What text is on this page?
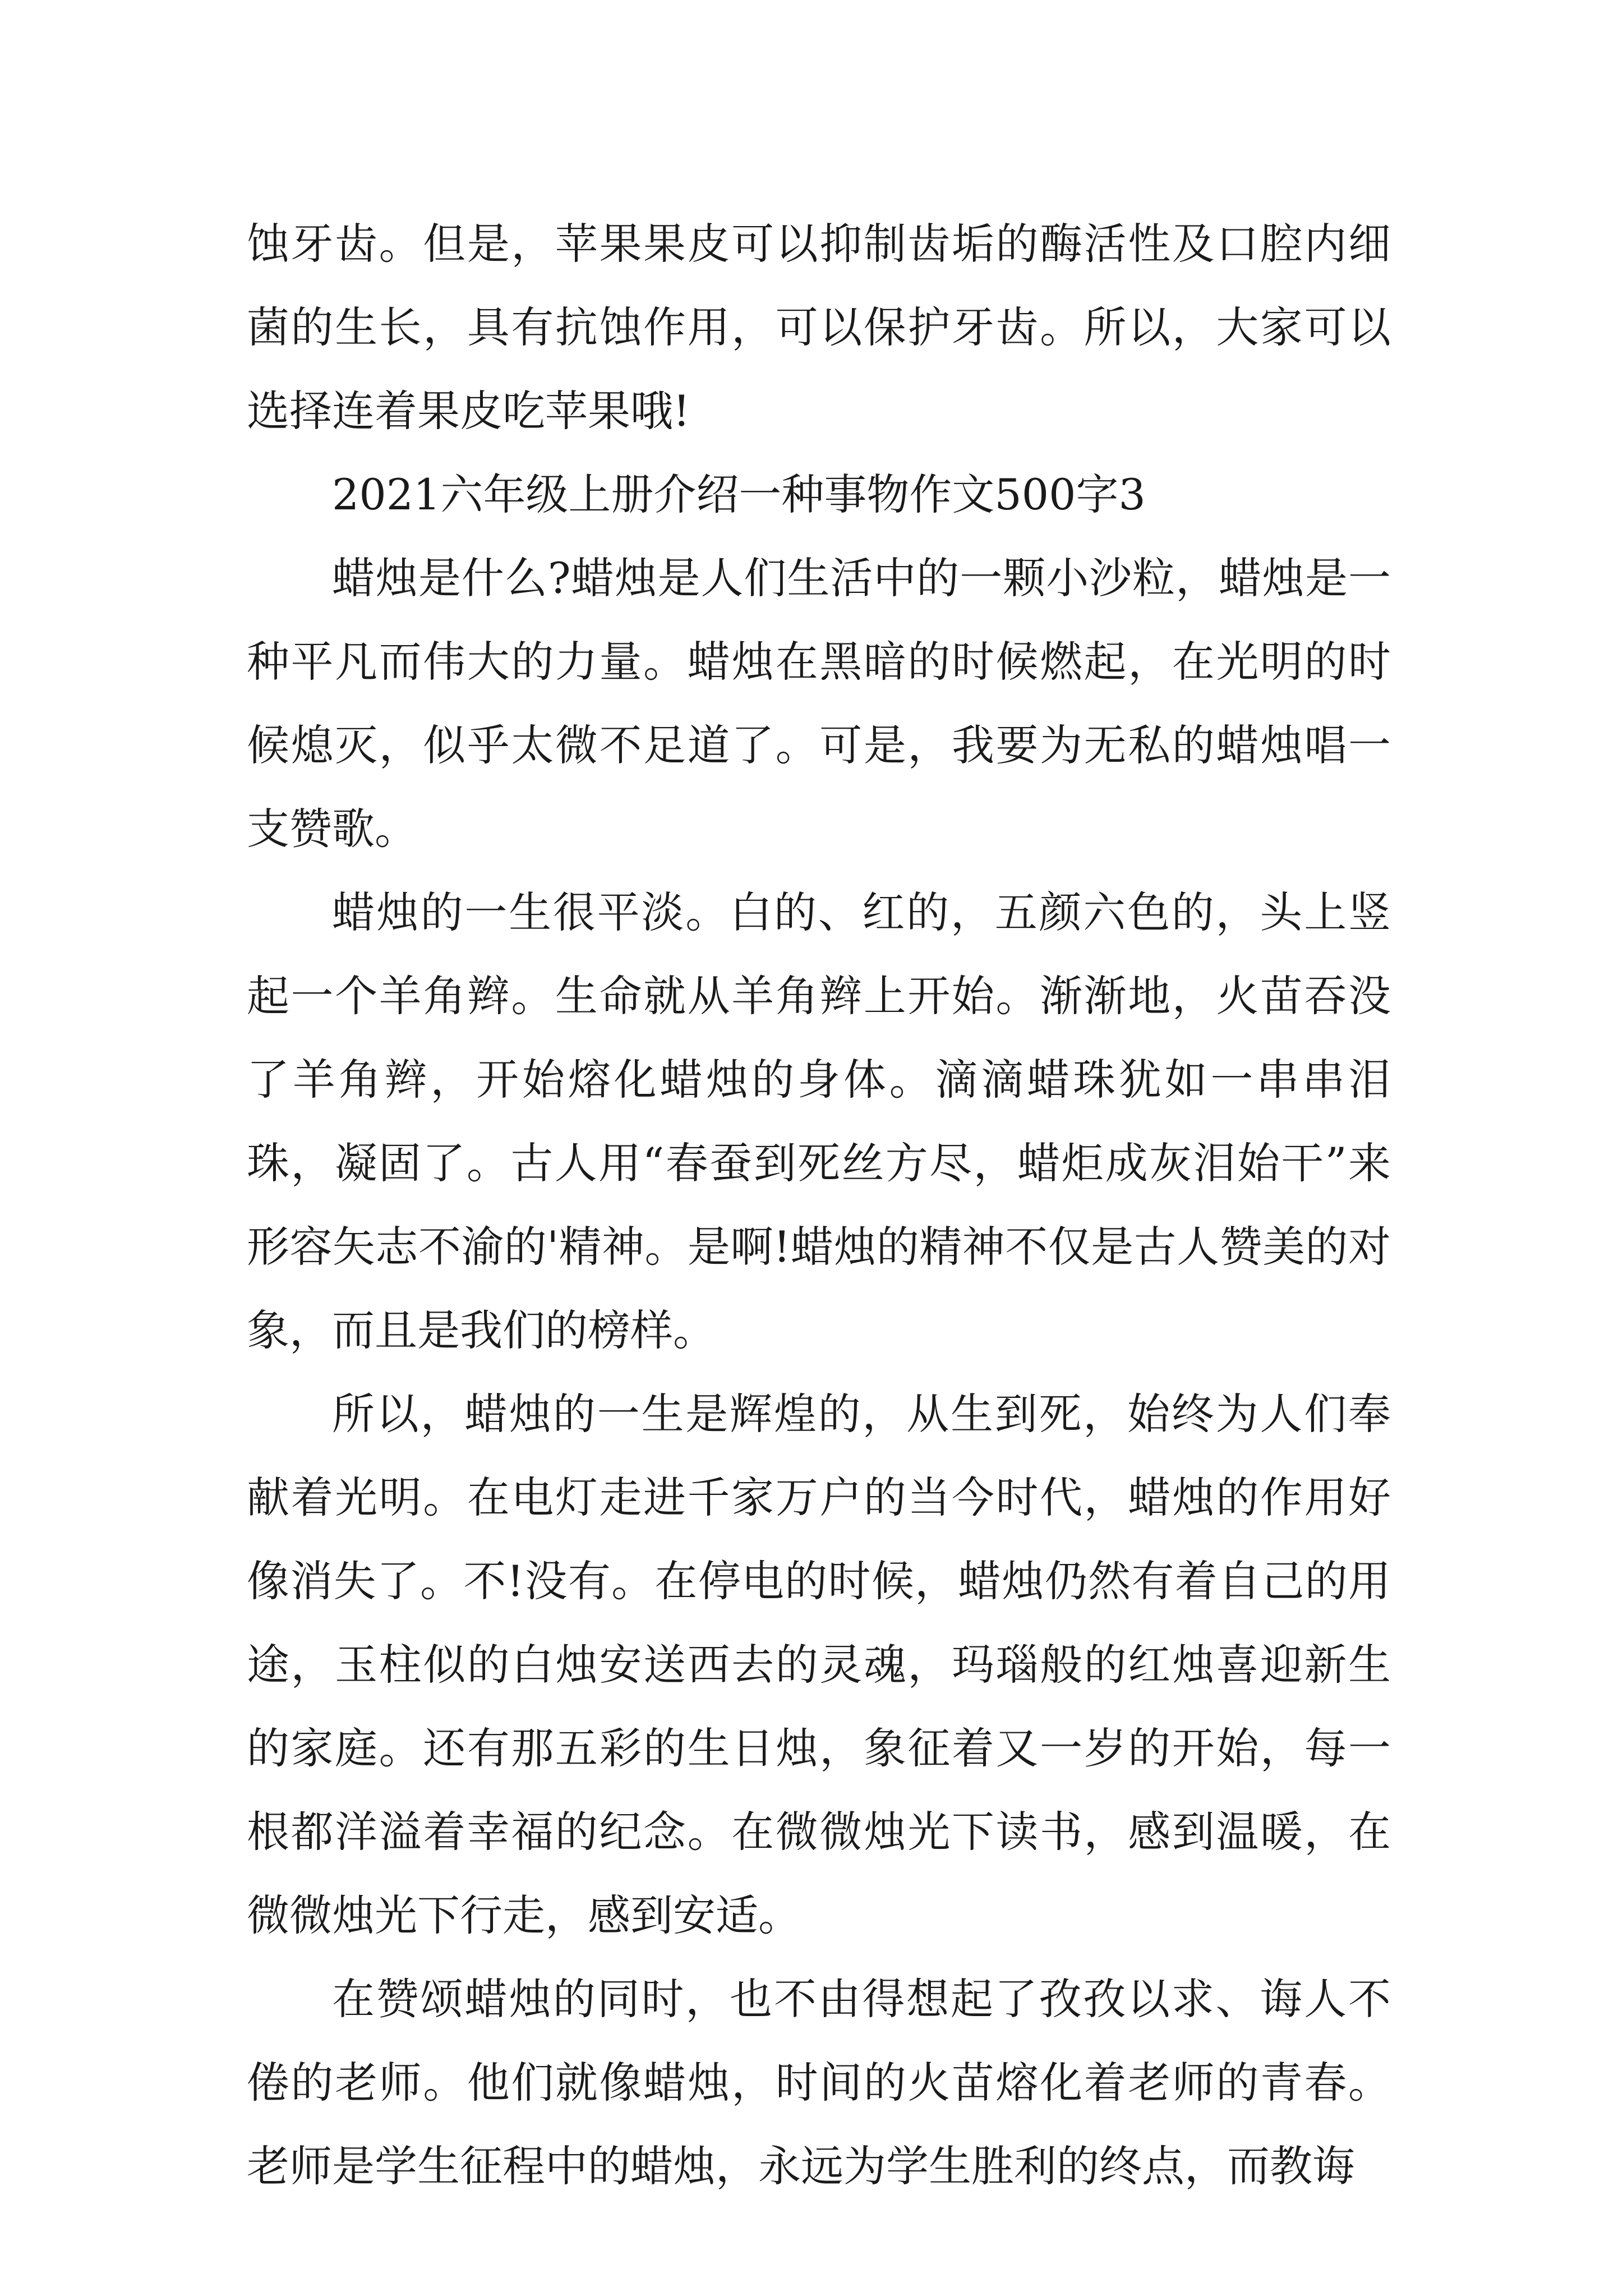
蚀牙齿。但是，苹果果皮可以抑制齿垢的酶活性及口腔内细菌的生长，具有抗蚀作用，可以保护牙齿。所以，大家可以选择连着果皮吃苹果哦!

2021六年级上册介绍一种事物作文500字3

蜡烛是什么?蜡烛是人们生活中的一颗小沙粒，蜡烛是一种平凡而伟大的力量。蜡烛在黑暗的时候燃起，在光明的时候熄灭，似乎太微不足道了。可是，我要为无私的蜡烛唱一支赞歌。

蜡烛的一生很平淡。白的、红的，五颜六色的，头上竖起一个羊角辫。生命就从羊角辫上开始。渐渐地，火苗吞没了羊角辫，开始熔化蜡烛的身体。滴滴蜡珠犹如一串串泪珠，凝固了。古人用“春蚕到死丝方尽，蜡炬成灰泪始干”来形容矢志不渝的'精神。是啊!蜡烛的精神不仅是古人赞美的对象，而且是我们的榜样。

所以，蜡烛的一生是辉煌的，从生到死，始终为人们奉献着光明。在电灯走进千家万户的当今时代，蜡烛的作用好像消失了。不!没有。在停电的时候，蜡烛仍然有着自己的用途，玉柱似的白烛安送西去的灵魂，玛瑙般的红烛喜迎新生的家庭。还有那五彩的生日烛，象征着又一岁的开始，每一根都洋溢着幸福的纪念。在微微烛光下读书，感到温暖，在微微烛光下行走，感到安适。

在赞颂蜡烛的同时，也不由得想起了孜孜以求、诲人不倦的老师。他们就像蜡烛，时间的火苗熔化着老师的青春。老师是学生征程中的蜡烛，永远为学生胜利的终点，而教诲
